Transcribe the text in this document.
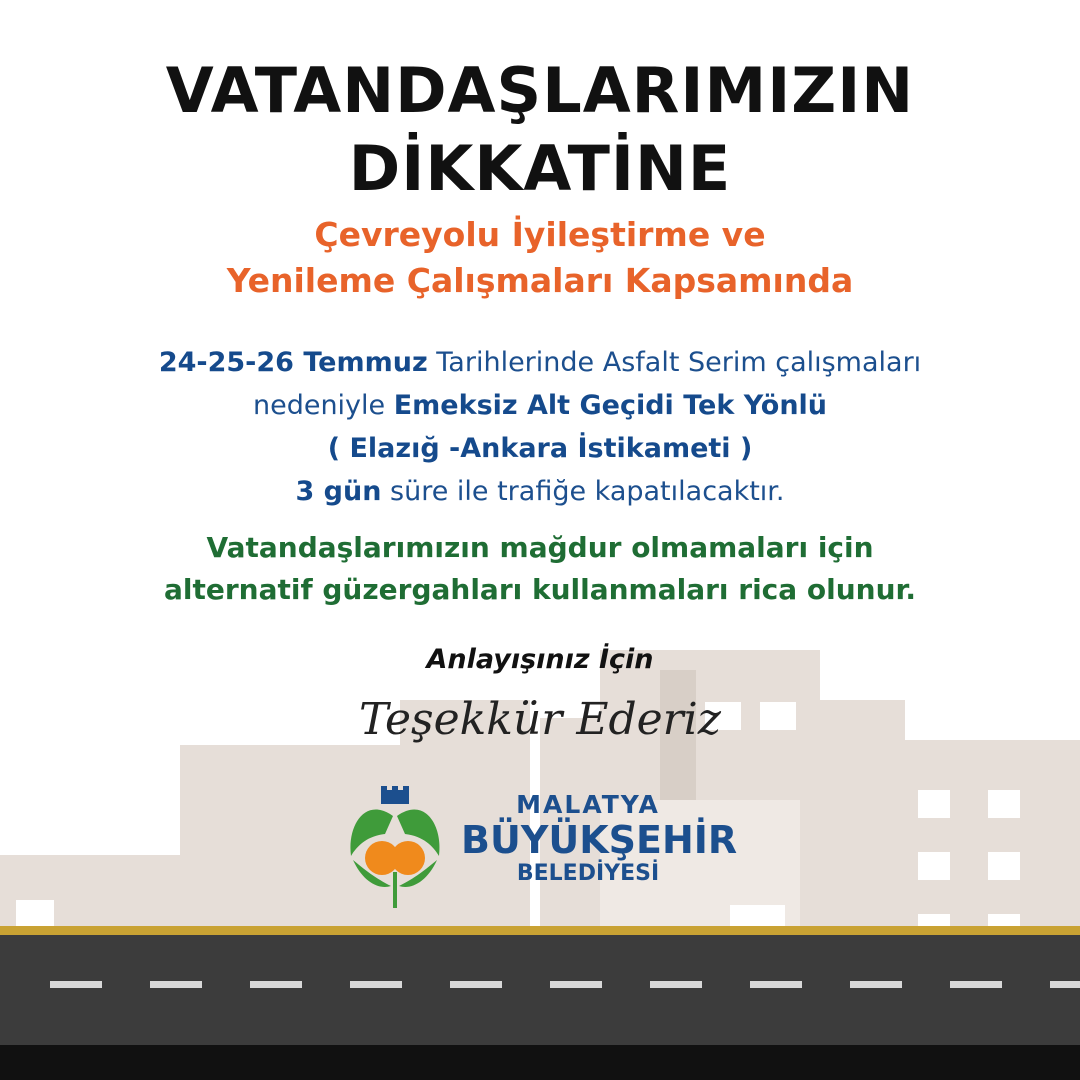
VATANDAŞLARIMIZIN
DİKKATİNE
Çevreyolu İyileştirme ve
Yenileme Çalışmaları Kapsamında

24-25-26 Temmuz Tarihlerinde Asfalt Serim çalışmaları
nedeniyle Emeksiz Alt Geçidi Tek Yönlü
( Elazığ -Ankara İstikameti )
3 gün süre ile trafiğe kapatılacaktır.

Vatandaşlarımızın mağdur olmamaları için
alternatif güzergahları kullanmaları rica olunur.

Anlayışınız İçin

Teşekkür Ederiz

MALATYA
BÜYÜKŞEHİR
BELEDİYESİ
